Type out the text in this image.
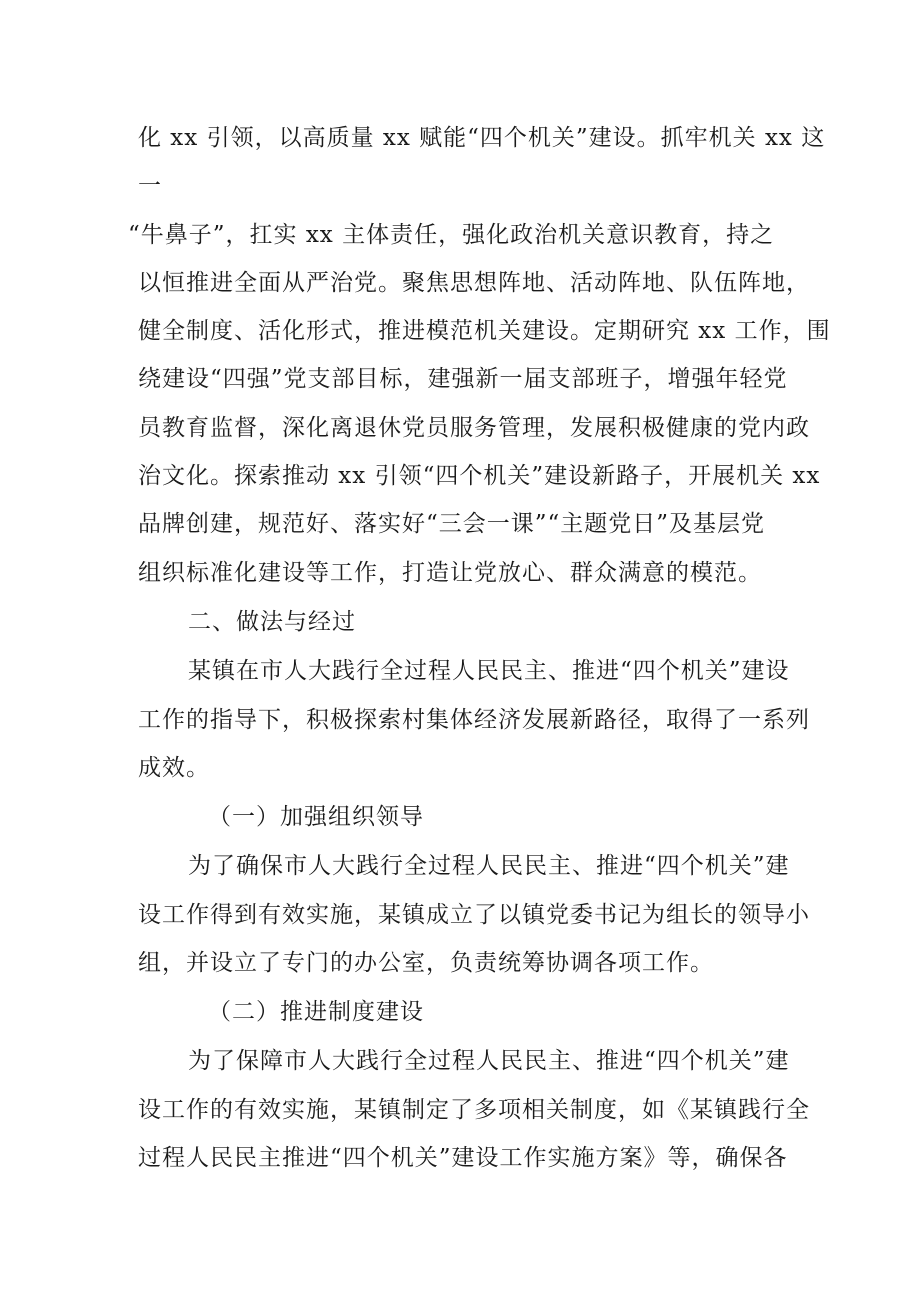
化 xx 引领，以高质量 xx 赋能“四个机关”建设。抓牢机关 xx 这
一
“牛鼻子”，扛实 xx 主体责任，强化政治机关意识教育，持之
以恒推进全面从严治党。聚焦思想阵地、活动阵地、队伍阵地，
健全制度、活化形式，推进模范机关建设。定期研究 xx 工作，围
绕建设“四强”党支部目标，建强新一届支部班子，增强年轻党
员教育监督，深化离退休党员服务管理，发展积极健康的党内政
治文化。探索推动 xx 引领“四个机关”建设新路子，开展机关 xx
品牌创建，规范好、落实好“三会一课”“主题党日”及基层党
组织标准化建设等工作，打造让党放心、群众满意的模范。
二、做法与经过
某镇在市人大践行全过程人民民主、推进“四个机关”建设
工作的指导下，积极探索村集体经济发展新路径，取得了一系列
成效。
（一）加强组织领导
为了确保市人大践行全过程人民民主、推进“四个机关”建
设工作得到有效实施，某镇成立了以镇党委书记为组长的领导小
组，并设立了专门的办公室，负责统筹协调各项工作。
（二）推进制度建设
为了保障市人大践行全过程人民民主、推进“四个机关”建
设工作的有效实施，某镇制定了多项相关制度，如《某镇践行全
过程人民民主推进“四个机关”建设工作实施方案》等，确保各
